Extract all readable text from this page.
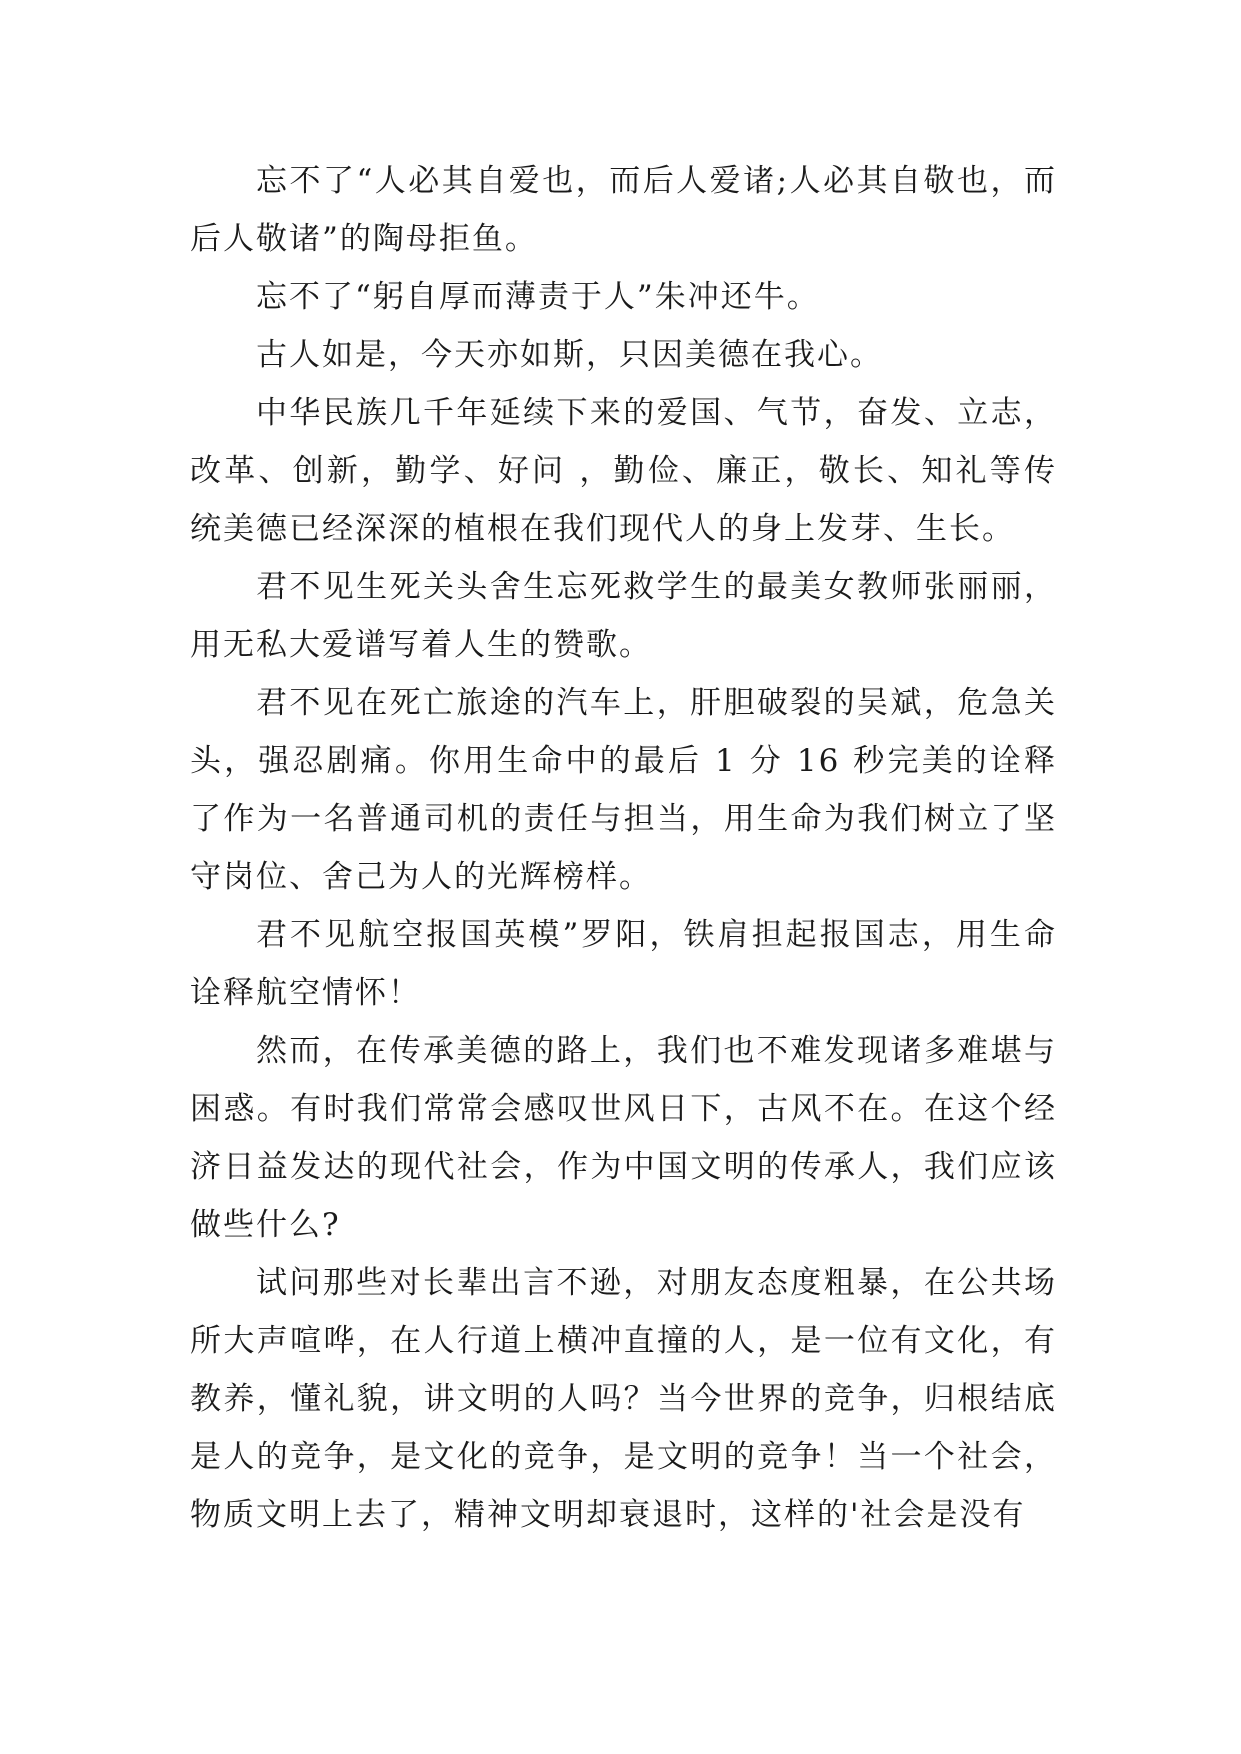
忘不了“人必其自爱也，而后人爱诸;人必其自敬也，而后人敬诸”的陶母拒鱼。

忘不了“躬自厚而薄责于人”朱冲还牛。

古人如是，今天亦如斯，只因美德在我心。

中华民族几千年延续下来的爱国、气节，奋发、立志，改革、创新，勤学、好问 ，勤俭、廉正，敬长、知礼等传统美德已经深深的植根在我们现代人的身上发芽、生长。

君不见生死关头舍生忘死救学生的最美女教师张丽丽，用无私大爱谱写着人生的赞歌。

君不见在死亡旅途的汽车上，肝胆破裂的吴斌，危急关头，强忍剧痛。你用生命中的最后 1 分 16 秒完美的诠释了作为一名普通司机的责任与担当，用生命为我们树立了坚守岗位、舍己为人的光辉榜样。

君不见航空报国英模”罗阳，铁肩担起报国志，用生命诠释航空情怀！

然而，在传承美德的路上，我们也不难发现诸多难堪与困惑。有时我们常常会感叹世风日下，古风不在。在这个经济日益发达的现代社会，作为中国文明的传承人，我们应该做些什么?

试问那些对长辈出言不逊，对朋友态度粗暴，在公共场所大声喧哗，在人行道上横冲直撞的人，是一位有文化，有教养，懂礼貌，讲文明的人吗？当今世界的竞争，归根结底是人的竞争，是文化的竞争，是文明的竞争！当一个社会，物质文明上去了，精神文明却衰退时，这样的'社会是没有
